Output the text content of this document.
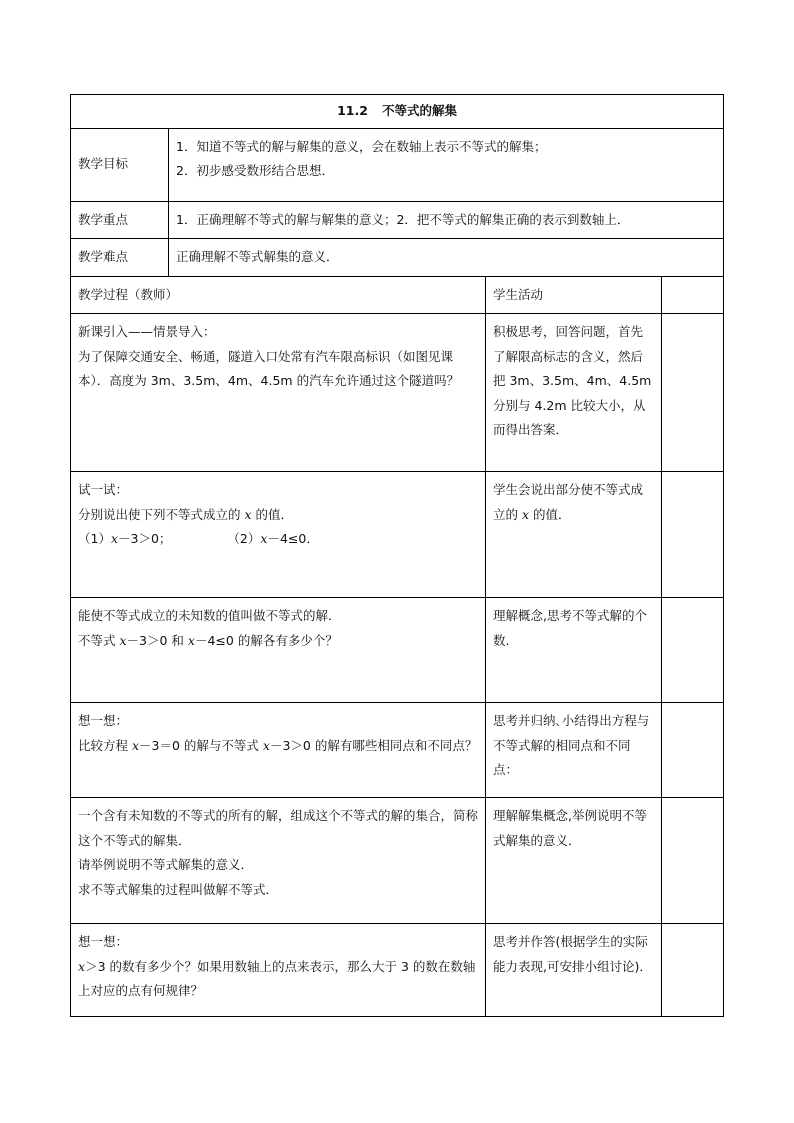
11.2 不等式的解集			
教学目标	1．知道不等式的解与解集的意义，会在数轴上表示不等式的解集；

2．初步感受数形结合思想．		

教学重点	1．正确理解不等式的解与解集的意义；2．把不等式的解集正确的表示到数轴上．		
教学难点	正确理解不等式解集的意义．		
教学过程（教师）		学生活动	

新课引入——情景导入：

为了保障交通安全、畅通，隧道入口处常有汽车限高标识（如图见课本）．高度为 3m、3.5m、4m、4.5m 的汽车允许通过这个隧道吗？		积极思考，回答问题，首先了解限高标志的含义，然后把 3m、3.5m、4m、4.5m 分别与 4.2m 比较大小，从而得出答案．	

试一试：

分别说出使下列不等式成立的 x 的值．

（1）x－3＞0； （2）x－4≤0．		学生会说出部分使不等式成立的 x 的值．	

能使不等式成立的未知数的值叫做不等式的解．

不等式 x－3＞0 和 x－4≤0 的解各有多少个？		理解概念,思考不等式解的个数.	

想一想：

比较方程 x－3＝0 的解与不等式 x－3＞0 的解有哪些相同点和不同点？		思考并归纳､小结得出方程与不等式解的相同点和不同点：	

一个含有未知数的不等式的所有的解，组成这个不等式的解的集合，简称这个不等式的解集．

请举例说明不等式解集的意义．

求不等式解集的过程叫做解不等式．		理解解集概念,举例说明不等式解集的意义．	

想一想：

x＞3 的数有多少个？如果用数轴上的点来表示，那么大于 3 的数在数轴上对应的点有何规律？		思考并作答(根据学生的实际能力表现,可安排小组讨论)．	
